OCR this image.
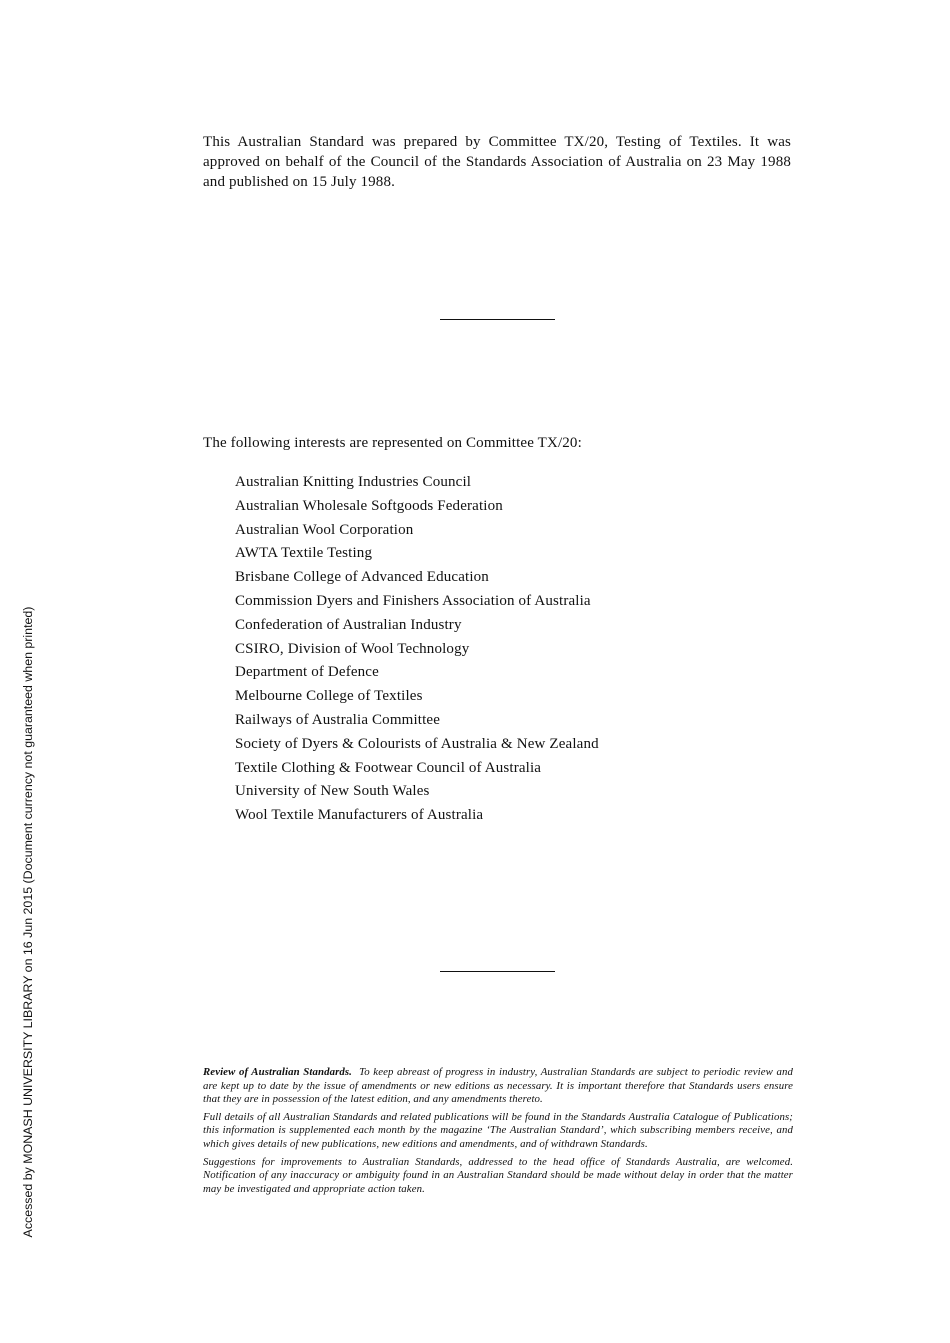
Accessed by MONASH UNIVERSITY LIBRARY on 16 Jun 2015 (Document currency not guaranteed when printed)

This Australian Standard was prepared by Committee TX/20, Testing of Textiles. It was approved on behalf of the Council of the Standards Association of Australia on 23 May 1988 and published on 15 July 1988.

The following interests are represented on Committee TX/20:

Australian Knitting Industries Council
Australian Wholesale Softgoods Federation
Australian Wool Corporation
AWTA Textile Testing
Brisbane College of Advanced Education
Commission Dyers and Finishers Association of Australia
Confederation of Australian Industry
CSIRO, Division of Wool Technology
Department of Defence
Melbourne College of Textiles
Railways of Australia Committee
Society of Dyers & Colourists of Australia & New Zealand
Textile Clothing & Footwear Council of Australia
University of New South Wales
Wool Textile Manufacturers of Australia

Review of Australian Standards. To keep abreast of progress in industry, Australian Standards are subject to periodic review and are kept up to date by the issue of amendments or new editions as necessary. It is important therefore that Standards users ensure that they are in possession of the latest edition, and any amendments thereto.

Full details of all Australian Standards and related publications will be found in the Standards Australia Catalogue of Publications; this information is supplemented each month by the magazine ‘The Australian Standard’, which subscribing members receive, and which gives details of new publications, new editions and amendments, and of withdrawn Standards.

Suggestions for improvements to Australian Standards, addressed to the head office of Standards Australia, are welcomed. Notification of any inaccuracy or ambiguity found in an Australian Standard should be made without delay in order that the matter may be investigated and appropriate action taken.
